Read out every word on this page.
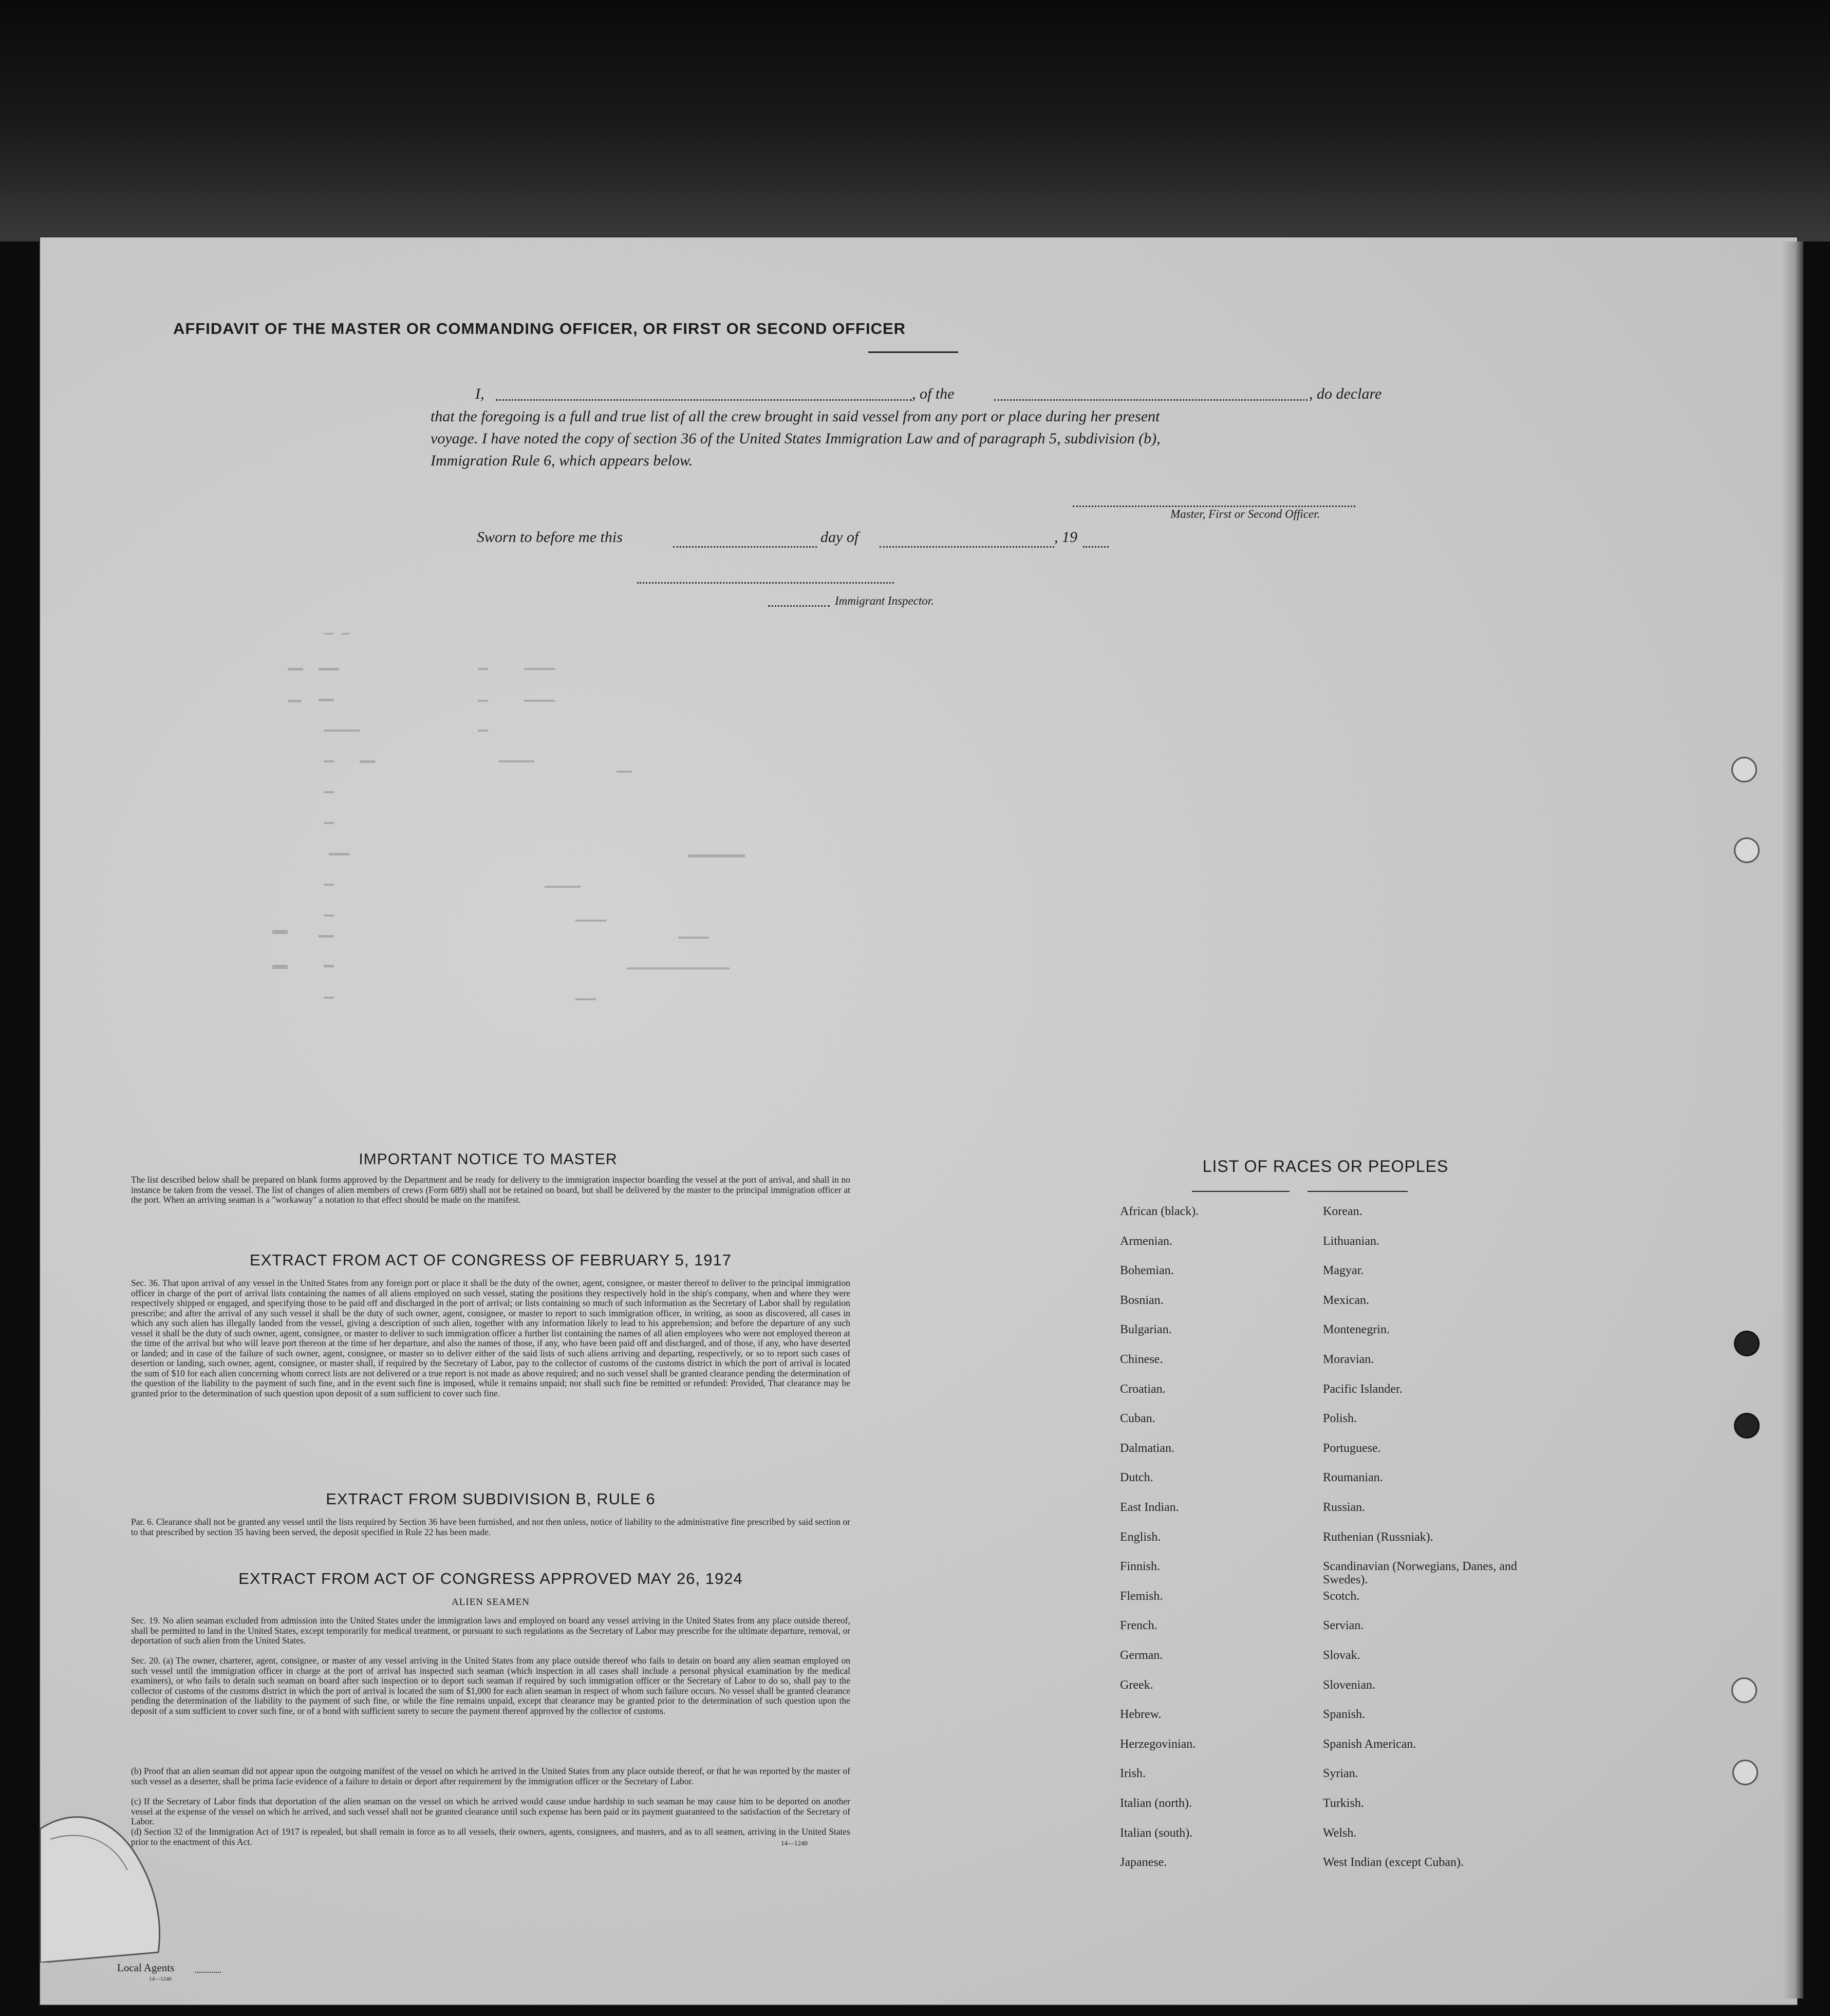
AFFIDAVIT OF THE MASTER OR COMMANDING OFFICER, OR FIRST OR SECOND OFFICER
I,	, of the	, do declare
that the foregoing is a full and true list of all the crew brought in said vessel from any port or place during her present
voyage. I have noted the copy of section 36 of the United States Immigration Law and of paragraph 5, subdivision (b),
Immigration Rule 6, which appears below.
Master, First or Second Officer.
Sworn to before me this	day of	, 19
Immigrant Inspector.
IMPORTANT NOTICE TO MASTER
The list described below shall be prepared on blank forms approved by the Department and be ready for delivery to the immigration inspector boarding the vessel at the port of arrival, and shall in no instance be taken from the vessel. The list of changes of alien members of crews (Form 689) shall not be retained on board, but shall be delivered by the master to the principal immigration officer at the port. When an arriving seaman is a "workaway" a notation to that effect should be made on the manifest.
EXTRACT FROM ACT OF CONGRESS OF FEBRUARY 5, 1917
Sec. 36. That upon arrival of any vessel in the United States from any foreign port or place it shall be the duty of the owner, agent, consignee, or master thereof to deliver to the principal immigration officer in charge of the port of arrival lists containing the names of all aliens employed on such vessel, stating the positions they respectively hold in the ship's company, when and where they were respectively shipped or engaged, and specifying those to be paid off and discharged in the port of arrival; or lists containing so much of such information as the Secretary of Labor shall by regulation prescribe; and after the arrival of any such vessel it shall be the duty of such owner, agent, consignee, or master to report to such immigration officer, in writing, as soon as discovered, all cases in which any such alien has illegally landed from the vessel, giving a description of such alien, together with any information likely to lead to his apprehension; and before the departure of any such vessel it shall be the duty of such owner, agent, consignee, or master to deliver to such immigration officer a further list containing the names of all alien employees who were not employed thereon at the time of the arrival but who will leave port thereon at the time of her departure, and also the names of those, if any, who have been paid off and discharged, and of those, if any, who have deserted or landed; and in case of the failure of such owner, agent, consignee, or master so to deliver either of the said lists of such aliens arriving and departing, respectively, or so to report such cases of desertion or landing, such owner, agent, consignee, or master shall, if required by the Secretary of Labor, pay to the collector of customs of the customs district in which the port of arrival is located the sum of $10 for each alien concerning whom correct lists are not delivered or a true report is not made as above required; and no such vessel shall be granted clearance pending the determination of the question of the liability to the payment of such fine, and in the event such fine is imposed, while it remains unpaid; nor shall such fine be remitted or refunded: Provided, That clearance may be granted prior to the determination of such question upon deposit of a sum sufficient to cover such fine.
EXTRACT FROM SUBDIVISION B, RULE 6
Par. 6. Clearance shall not be granted any vessel until the lists required by Section 36 have been furnished, and not then unless, notice of liability to the administrative fine prescribed by said section or to that prescribed by section 35 having been served, the deposit specified in Rule 22 has been made.
EXTRACT FROM ACT OF CONGRESS APPROVED MAY 26, 1924
ALIEN SEAMEN
Sec. 19. No alien seaman excluded from admission into the United States under the immigration laws and employed on board any vessel arriving in the United States from any place outside thereof, shall be permitted to land in the United States, except temporarily for medical treatment, or pursuant to such regulations as the Secretary of Labor may prescribe for the ultimate departure, removal, or deportation of such alien from the United States.
Sec. 20. (a) The owner, charterer, agent, consignee, or master of any vessel arriving in the United States from any place outside thereof who fails to detain on board any alien seaman employed on such vessel until the immigration officer in charge at the port of arrival has inspected such seaman (which inspection in all cases shall include a personal physical examination by the medical examiners), or who fails to detain such seaman on board after such inspection or to deport such seaman if required by such immigration officer or the Secretary of Labor to do so, shall pay to the collector of customs of the customs district in which the port of arrival is located the sum of $1,000 for each alien seaman in respect of whom such failure occurs. No vessel shall be granted clearance pending the determination of the liability to the payment of such fine, or while the fine remains unpaid, except that clearance may be granted prior to the determination of such question upon the deposit of a sum sufficient to cover such fine, or of a bond with sufficient surety to secure the payment thereof approved by the collector of customs.
(b) Proof that an alien seaman did not appear upon the outgoing manifest of the vessel on which he arrived in the United States from any place outside thereof, or that he was reported by the master of such vessel as a deserter, shall be prima facie evidence of a failure to detain or deport after requirement by the immigration officer or the Secretary of Labor.
(c) If the Secretary of Labor finds that deportation of the alien seaman on the vessel on which he arrived would cause undue hardship to such seaman he may cause him to be deported on another vessel at the expense of the vessel on which he arrived, and such vessel shall not be granted clearance until such expense has been paid or its payment guaranteed to the satisfaction of the Secretary of Labor.
(d) Section 32 of the Immigration Act of 1917 is repealed, but shall remain in force as to all vessels, their owners, agents, consignees, and masters, and as to all seamen, arriving in the United States prior to the enactment of this Act.	14—1240
LIST OF RACES OR PEOPLES
African (black).
Armenian.
Bohemian.
Bosnian.
Bulgarian.
Chinese.
Croatian.
Cuban.
Dalmatian.
Dutch.
East Indian.
English.
Finnish.
Flemish.
French.
German.
Greek.
Hebrew.
Herzegovinian.
Irish.
Italian (north).
Italian (south).
Japanese.
Korean.
Lithuanian.
Magyar.
Mexican.
Montenegrin.
Moravian.
Pacific Islander.
Polish.
Portuguese.
Roumanian.
Russian.
Ruthenian (Russniak).
Scandinavian (Norwegians, Danes, and Swedes).
Scotch.
Servian.
Slovak.
Slovenian.
Spanish.
Spanish American.
Syrian.
Turkish.
Welsh.
West Indian (except Cuban).
Local Agents
14—1240
